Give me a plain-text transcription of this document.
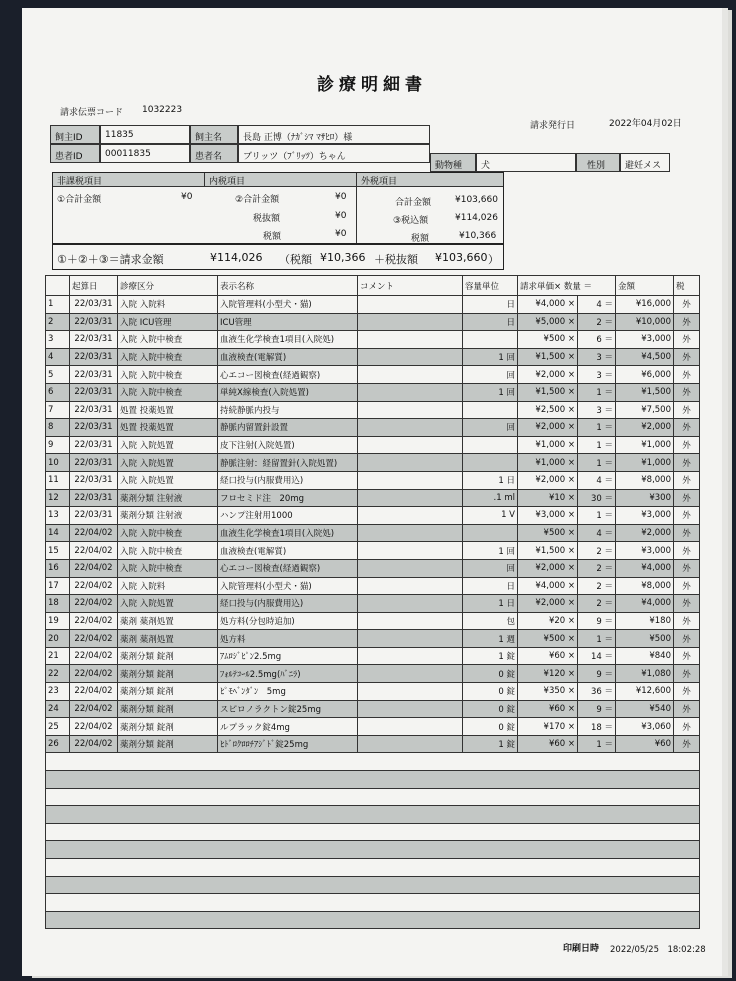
診療明細書
請求伝票コード 1032223
請求発行日	2022年04月02日
飼主ID 11835	飼主名 長島 正博（ﾅｶﾞｼﾏ ﾏｻﾋﾛ）様
患者ID 00011835	患者名 ブリッツ（ﾌﾞﾘｯﾂ）ちゃん
動物種 犬	性別 避妊メス
非課税項目
①合計金額	¥0
内税項目
②合計金額	¥0
税抜額	¥0
税額	¥0
外税項目
合計金額	¥103,660
③税込額	¥114,026
税額	¥10,366
①＋②＋③＝請求金額	¥114,026 （税額 ¥10,366 ＋税抜額 ¥103,660 ）
	起算日	診療区分	表示名称	コメント	容量単位	請求単価× 数量 ＝		金額	税
1	22/03/31	入院 入院料	入院管理料(小型犬・猫)		日	¥4,000 ×	4 ＝	¥16,000	外
2	22/03/31	入院 ICU管理	ICU管理		日	¥5,000 ×	2 ＝	¥10,000	外
3	22/03/31	入院 入院中検査	血液生化学検査1項目(入院処)			¥500 ×	6 ＝	¥3,000	外
4	22/03/31	入院 入院中検査	血液検査(電解質)		1 回	¥1,500 ×	3 ＝	¥4,500	外
5	22/03/31	入院 入院中検査	心エコー図検査(経過観察)		回	¥2,000 ×	3 ＝	¥6,000	外
6	22/03/31	入院 入院中検査	単純X線検査(入院処置)		1 回	¥1,500 ×	1 ＝	¥1,500	外
7	22/03/31	処置 投薬処置	持続静脈内投与			¥2,500 ×	3 ＝	¥7,500	外
8	22/03/31	処置 投薬処置	静脈内留置針設置		回	¥2,000 ×	1 ＝	¥2,000	外
9	22/03/31	入院 入院処置	皮下注射(入院処置)			¥1,000 ×	1 ＝	¥1,000	外
10	22/03/31	入院 入院処置	静脈注射：経留置針(入院処置)			¥1,000 ×	1 ＝	¥1,000	外
11	22/03/31	入院 入院処置	経口投与(内服費用込)		1 日	¥2,000 ×	4 ＝	¥8,000	外
12	22/03/31	薬剤分類 注射液	フロセミド注　20mg		.1 ml	¥10 ×	30 ＝	¥300	外
13	22/03/31	薬剤分類 注射液	ハンプ注射用1000		1 V	¥3,000 ×	1 ＝	¥3,000	外
14	22/04/02	入院 入院中検査	血液生化学検査1項目(入院処)			¥500 ×	4 ＝	¥2,000	外
15	22/04/02	入院 入院中検査	血液検査(電解質)		1 回	¥1,500 ×	2 ＝	¥3,000	外
16	22/04/02	入院 入院中検査	心エコー図検査(経過観察)		回	¥2,000 ×	2 ＝	¥4,000	外
17	22/04/02	入院 入院料	入院管理料(小型犬・猫)		日	¥4,000 ×	2 ＝	¥8,000	外
18	22/04/02	入院 入院処置	経口投与(内服費用込)		1 日	¥2,000 ×	2 ＝	¥4,000	外
19	22/04/02	薬剤 薬剤処置	処方料(分包時追加)		包	¥20 ×	9 ＝	¥180	外
20	22/04/02	薬剤 薬剤処置	処方料		1 週	¥500 ×	1 ＝	¥500	外
21	22/04/02	薬剤分類 錠剤	ｱﾑﾛｼﾞﾋﾟﾝ2.5mg		1 錠	¥60 ×	14 ＝	¥840	外
22	22/04/02	薬剤分類 錠剤	ﾌｫﾙﾃｺｰﾙ2.5mg(ﾊﾞﾆﾗ)		0 錠	¥120 ×	9 ＝	¥1,080	外
23	22/04/02	薬剤分類 錠剤	ﾋﾟﾓﾍﾞﾝﾀﾞﾝ　5mg		0 錠	¥350 ×	36 ＝	¥12,600	外
24	22/04/02	薬剤分類 錠剤	スピロノラクトン錠25mg		0 錠	¥60 ×	9 ＝	¥540	外
25	22/04/02	薬剤分類 錠剤	ルプラック錠4mg		0 錠	¥170 ×	18 ＝	¥3,060	外
26	22/04/02	薬剤分類 錠剤	ﾋﾄﾞﾛｸﾛﾛﾁｱｼﾞﾄﾞ錠25mg		1 錠	¥60 ×	1 ＝	¥60	外

印刷日時 2022/05/25　18:02:28
